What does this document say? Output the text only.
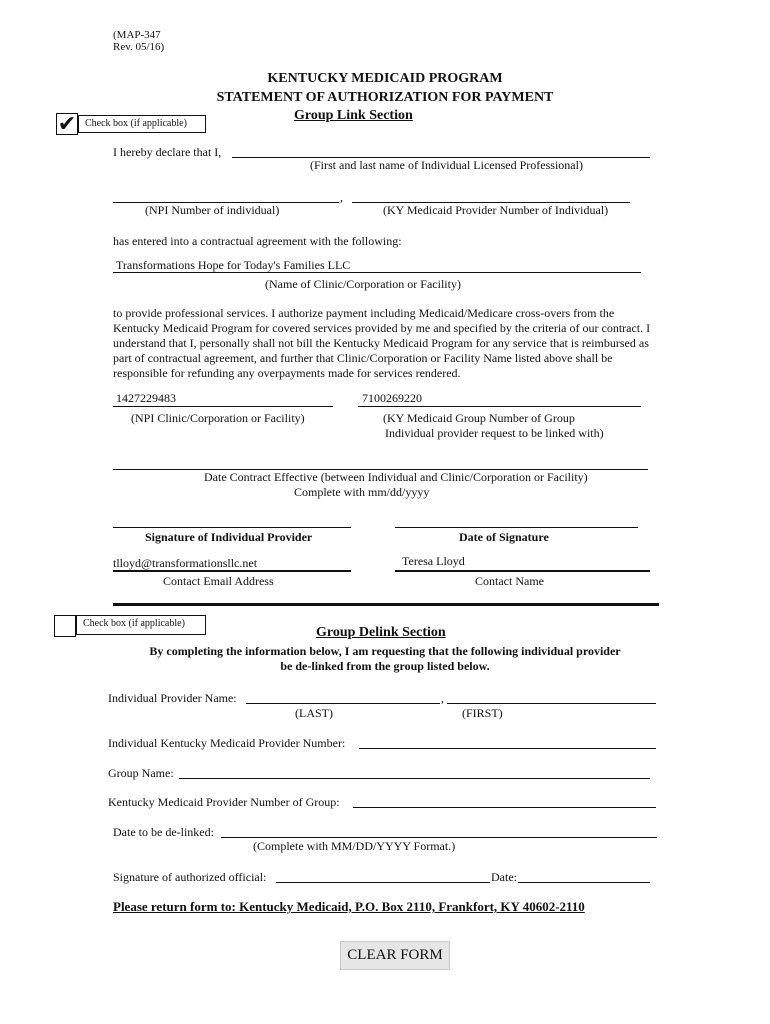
(MAP-347
Rev. 05/16)
KENTUCKY MEDICAID PROGRAM
STATEMENT OF AUTHORIZATION FOR PAYMENT
Group Link Section
✔ Check box (if applicable)
I hereby declare that I,
(First and last name of Individual Licensed Professional)
,
(NPI Number of individual)	(KY Medicaid Provider Number of Individual)
has entered into a contractual agreement with the following:
Transformations Hope for Today's Families LLC
(Name of Clinic/Corporation or Facility)
to provide professional services. I authorize payment including Medicaid/Medicare cross-overs from the Kentucky Medicaid Program for covered services provided by me and specified by the criteria of our contract. I understand that I, personally shall not bill the Kentucky Medicaid Program for any service that is reimbursed as part of contractual agreement, and further that Clinic/Corporation or Facility Name listed above shall be responsible for refunding any overpayments made for services rendered.
1427229483
(NPI Clinic/Corporation or Facility)
7100269220
(KY Medicaid Group Number of Group
Individual provider request to be linked with)
Date Contract Effective (between Individual and Clinic/Corporation or Facility)
Complete with mm/dd/yyyy
Signature of Individual Provider	Date of Signature
tlloyd@transformationsllc.net
Contact Email Address
Teresa Lloyd
Contact Name
Check box (if applicable)
Group Delink Section
By completing the information below, I am requesting that the following individual provider
be de-linked from the group listed below.
Individual Provider Name:	,
(LAST)	(FIRST)
Individual Kentucky Medicaid Provider Number:
Group Name:
Kentucky Medicaid Provider Number of Group:
Date to be de-linked:
(Complete with MM/DD/YYYY Format.)
Signature of authorized official:	Date:
Please return form to: Kentucky Medicaid, P.O. Box 2110, Frankfort, KY 40602-2110
CLEAR FORM
